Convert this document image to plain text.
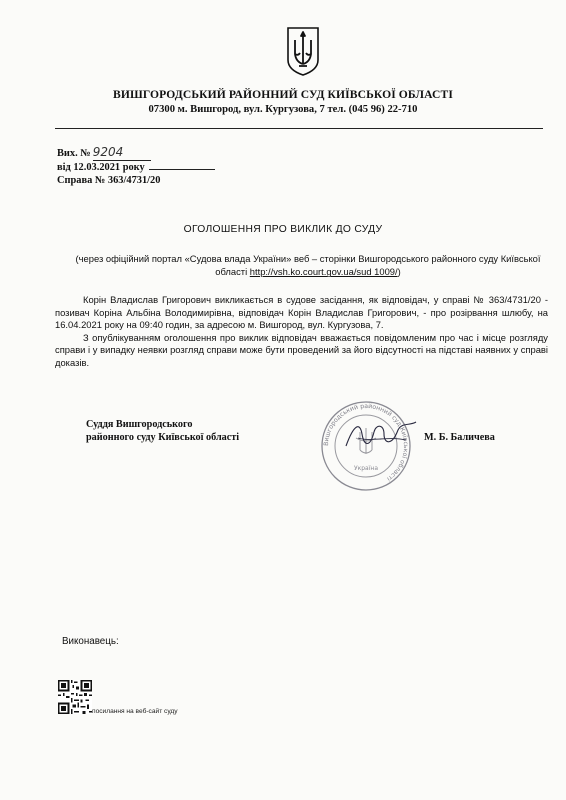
ВИШГОРОДСЬКИЙ РАЙОННИЙ СУД КИЇВСЬКОЇ ОБЛАСТІ
07300 м. Вишгород, вул. Кургузова, 7 тел. (045 96) 22-710
Вих. № 9204
від 12.03.2021 року
Справа № 363/4731/20
ОГОЛОШЕННЯ ПРО ВИКЛИК ДО СУДУ
(через офіційний портал «Судова влада України» веб – сторінки Вишгородського районного суду Київської області http://vsh.ko.court.gov.ua/sud 1009/)

Корін Владислав Григорович викликається в судове засідання, як відповідач, у справі № 363/4731/20 - позивач Коріна Альбіна Володимирівна, відповідач Корін Владислав Григорович, - про розірвання шлюбу, на 16.04.2021 року на 09:40 годин, за адресою м. Вишгород, вул. Кургузова, 7.

З опублікуванням оголошення про виклик відповідач вважається повідомленим про час і місце розгляду справи і у випадку неявки розгляд справи може бути проведений за його відсутності на підставі наявних у справі доказів.

Суддя Вишгородського
районного суду Київської області
Вишгородський районний суд Київської області
Україна
М. Б. Баличева
Виконавець:
посилання на веб-сайт суду
